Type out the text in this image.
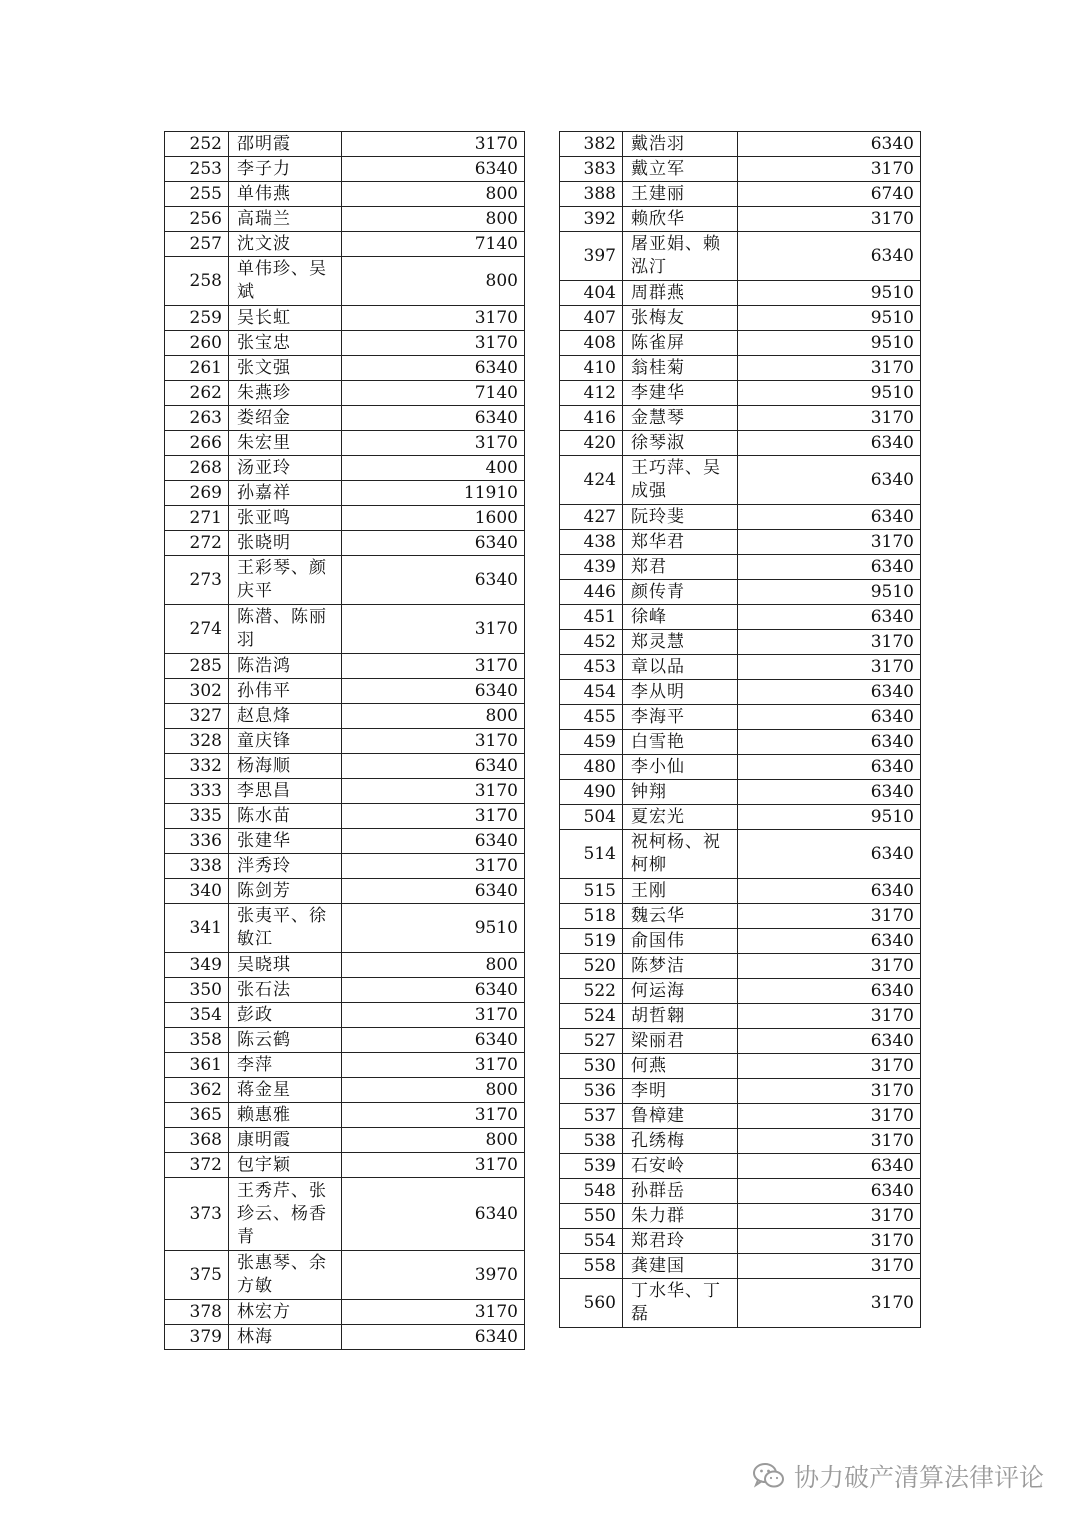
252	邵明霞	3170
253	李子力	6340
255	单伟燕	800
256	高瑞兰	800
257	沈文波	7140
258	单伟珍、吴斌	800
259	吴长虹	3170
260	张宝忠	3170
261	张文强	6340
262	朱燕珍	7140
263	娄绍金	6340
266	朱宏里	3170
268	汤亚玲	400
269	孙嘉祥	11910
271	张亚鸣	1600
272	张晓明	6340
273	王彩琴、颜庆平	6340
274	陈潜、陈丽羽	3170
285	陈浩鸿	3170
302	孙伟平	6340
327	赵息烽	800
328	童庆锋	3170
332	杨海顺	6340
333	李思昌	3170
335	陈水苗	3170
336	张建华	6340
338	泮秀玲	3170
340	陈剑芳	6340
341	张夷平、徐敏江	9510
349	吴晓琪	800
350	张石法	6340
354	彭政	3170
358	陈云鹤	6340
361	李萍	3170
362	蒋金星	800
365	赖惠雅	3170
368	康明霞	800
372	包宇颖	3170
373	王秀芹、张珍云、杨香青	6340
375	张惠琴、余方敏	3970
378	林宏方	3170
379	林海	6340
382	戴浩羽	6340
383	戴立军	3170
388	王建丽	6740
392	赖欣华	3170
397	屠亚娟、赖泓汀	6340
404	周群燕	9510
407	张梅友	9510
408	陈雀屏	9510
410	翁桂菊	3170
412	李建华	9510
416	金慧琴	3170
420	徐琴淑	6340
424	王巧萍、吴成强	6340
427	阮玲斐	6340
438	郑华君	3170
439	郑君	6340
446	颜传青	9510
451	徐峰	6340
452	郑灵慧	3170
453	章以品	3170
454	李从明	6340
455	李海平	6340
459	白雪艳	6340
480	李小仙	6340
490	钟翔	6340
504	夏宏光	9510
514	祝柯杨、祝柯柳	6340
515	王刚	6340
518	魏云华	3170
519	俞国伟	6340
520	陈梦洁	3170
522	何运海	6340
524	胡哲翱	3170
527	梁丽君	6340
530	何燕	3170
536	李明	3170
537	鲁樟建	3170
538	孔绣梅	3170
539	石安岭	6340
548	孙群岳	6340
550	朱力群	3170
554	郑君玲	3170
558	龚建国	3170
560	丁水华、丁磊	3170
协力破产清算法律评论
